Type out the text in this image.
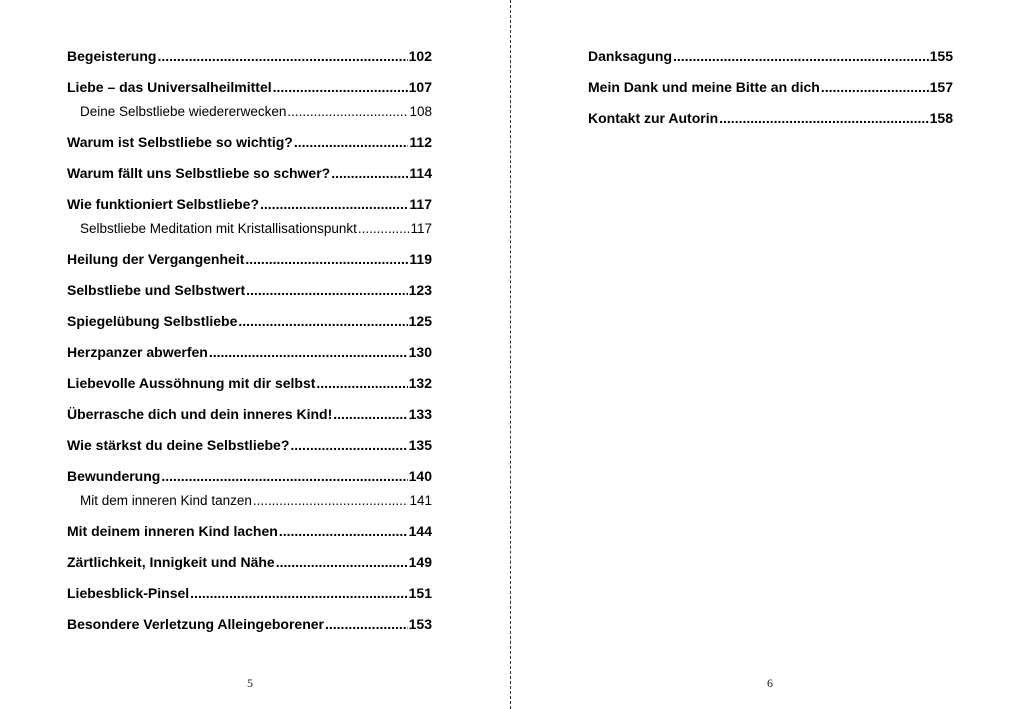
Begeisterung .....	102
Liebe – das Universalheilmittel .....	107
Deine Selbstliebe wiedererwecken .....	108
Warum ist Selbstliebe so wichtig? .....	112
Warum fällt uns Selbstliebe so schwer? .....	114
Wie funktioniert Selbstliebe? .....	117
Selbstliebe Meditation mit Kristallisationspunkt .....	117
Heilung der Vergangenheit .....	119
Selbstliebe und Selbstwert .....	123
Spiegelübung Selbstliebe .....	125
Herzpanzer abwerfen .....	130
Liebevolle Aussöhnung mit dir selbst .....	132
Überrasche dich und dein inneres Kind! .....	133
Wie stärkst du deine Selbstliebe? .....	135
Bewunderung .....	140
Mit dem inneren Kind tanzen .....	141
Mit deinem inneren Kind lachen .....	144
Zärtlichkeit, Innigkeit und Nähe .....	149
Liebesblick-Pinsel .....	151
Besondere Verletzung Alleingeborener .....	153
5
Danksagung .....	155
Mein Dank und meine Bitte an dich .....	157
Kontakt zur Autorin .....	158
6
